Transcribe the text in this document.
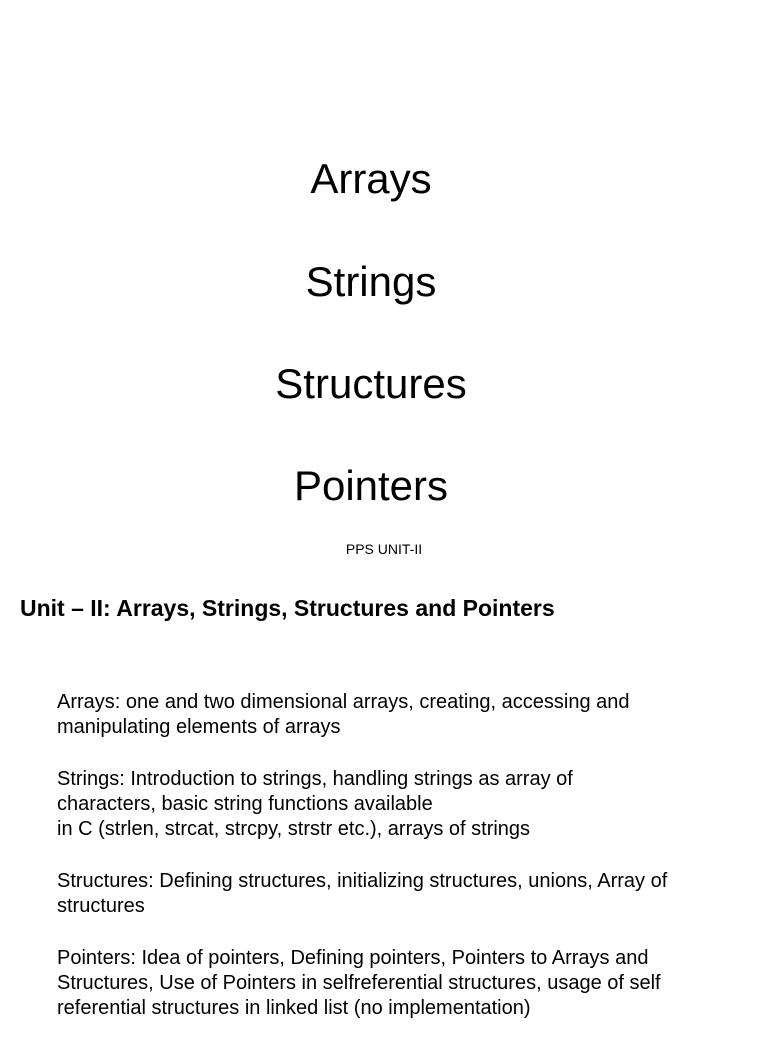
Arrays
Strings
Structures
Pointers
PPS UNIT-II
Unit – II: Arrays, Strings, Structures and Pointers

Arrays: one and two dimensional arrays, creating, accessing and
manipulating elements of arrays

Strings: Introduction to strings, handling strings as array of
characters, basic string functions available
in C (strlen, strcat, strcpy, strstr etc.), arrays of strings

Structures: Defining structures, initializing structures, unions, Array of
structures

Pointers: Idea of pointers, Defining pointers, Pointers to Arrays and
Structures, Use of Pointers in selfreferential structures, usage of self
referential structures in linked list (no implementation)
